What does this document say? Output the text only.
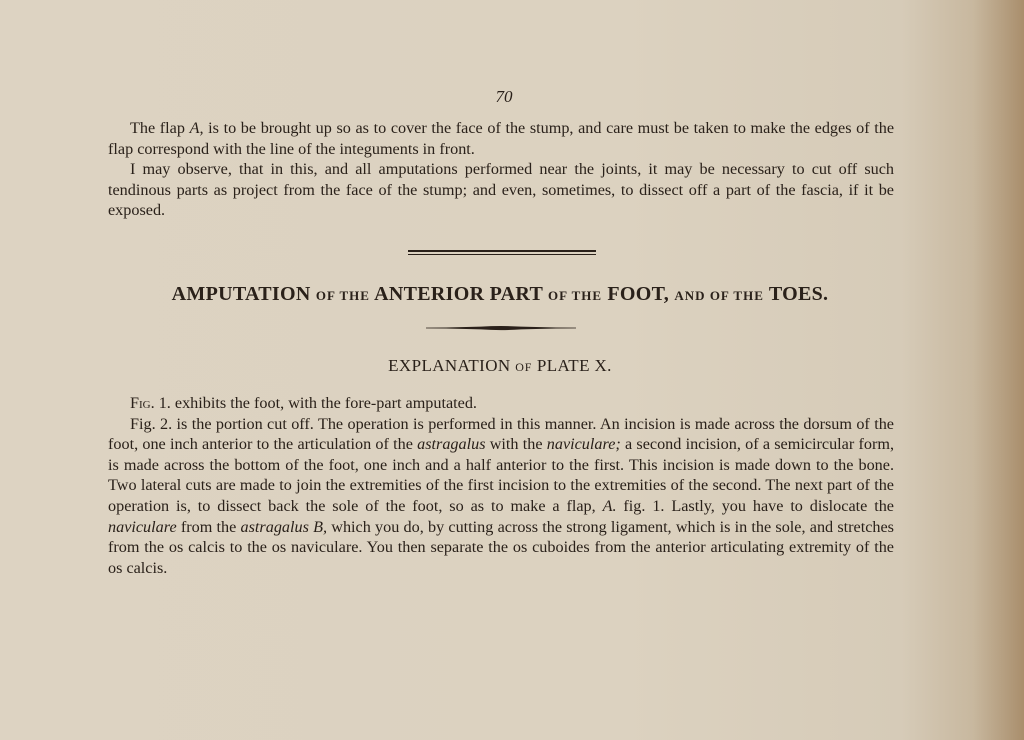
70

The flap A, is to be brought up so as to cover the face of the stump, and care must be taken to make the edges of the flap correspond with the line of the integuments in front.

I may observe, that in this, and all amputations performed near the joints, it may be necessary to cut off such tendinous parts as project from the face of the stump; and even, sometimes, to dissect off a part of the fascia, if it be exposed.

AMPUTATION OF THE ANTERIOR PART OF THE FOOT, AND OF THE TOES.
EXPLANATION OF PLATE X.

Fig. 1. exhibits the foot, with the fore-part amputated.

Fig. 2. is the portion cut off. The operation is performed in this manner. An incision is made across the dorsum of the foot, one inch anterior to the articulation of the astragalus with the naviculare; a second incision, of a semicircular form, is made across the bottom of the foot, one inch and a half anterior to the first. This incision is made down to the bone. Two lateral cuts are made to join the extremities of the first incision to the extremities of the second. The next part of the operation is, to dissect back the sole of the foot, so as to make a flap, A. fig. 1. Lastly, you have to dislocate the naviculare from the astragalus B, which you do, by cutting across the strong ligament, which is in the sole, and stretches from the os calcis to the os naviculare. You then separate the os cuboides from the anterior articulating extremity of the os calcis.
